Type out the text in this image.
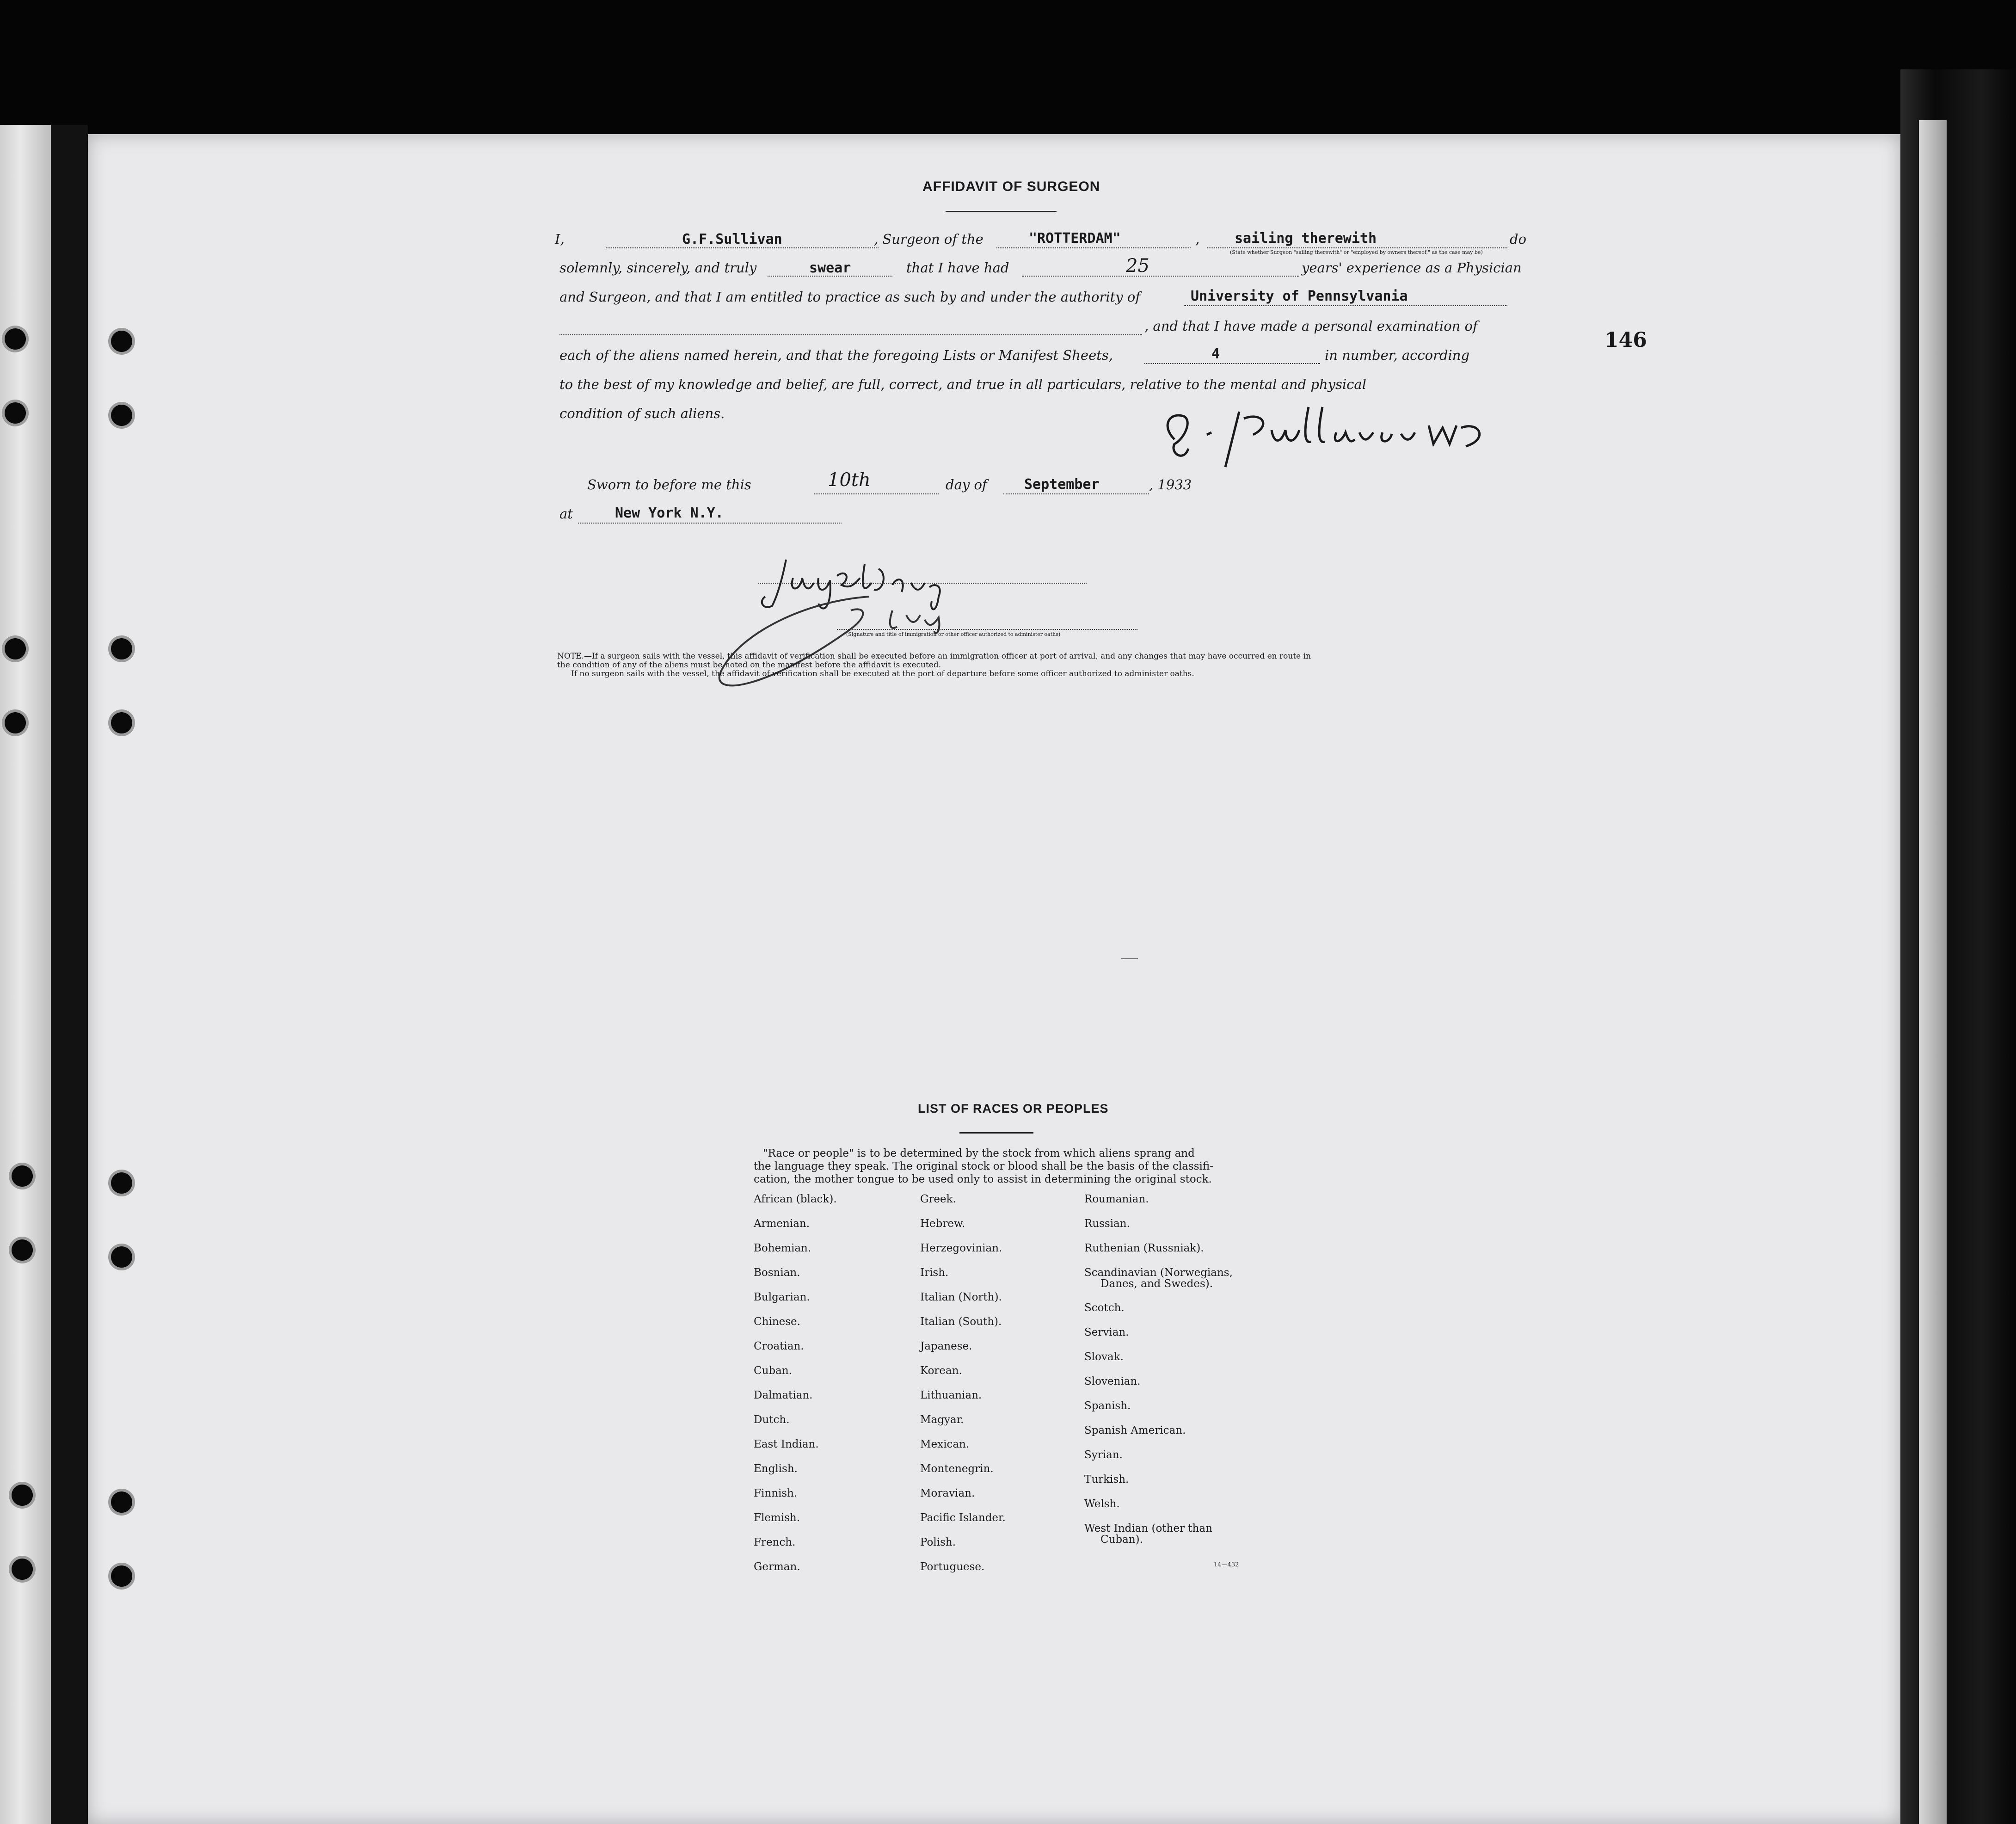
146
AFFIDAVIT OF SURGEON
I,	G.F.Sullivan	, Surgeon of the	"ROTTERDAM"	,	sailing therewith	do
(State whether Surgeon "sailing therewith" or "employed by owners thereof," as the case may be)
solemnly, sincerely, and truly	swear	that I have had	25	years' experience as a Physician
and Surgeon, and that I am entitled to practice as such by and under the authority of	University of Pennsylvania
, and that I have made a personal examination of
each of the aliens named herein, and that the foregoing Lists or Manifest Sheets,	4	in number, according
to the best of my knowledge and belief, are full, correct, and true in all particulars, relative to the mental and physical
condition of such aliens.
Sworn to before me this	10th	day of	September	, 1933
at	New York N.Y.
(Signature and title of immigration or other officer authorized to administer oaths)
NOTE.—If a surgeon sails with the vessel, this affidavit of verification shall be executed before an immigration officer at port of arrival, and any changes that may have occurred en route in
the condition of any of the aliens must be noted on the manifest before the affidavit is executed.
If no surgeon sails with the vessel, the affidavit of verification shall be executed at the port of departure before some officer authorized to administer oaths.
LIST OF RACES OR PEOPLES
"Race or people" is to be determined by the stock from which aliens sprang and
the language they speak. The original stock or blood shall be the basis of the classifi-
cation, the mother tongue to be used only to assist in determining the original stock.
African (black).
Armenian.
Bohemian.
Bosnian.
Bulgarian.
Chinese.
Croatian.
Cuban.
Dalmatian.
Dutch.
East Indian.
English.
Finnish.
Flemish.
French.
German.
Greek.
Hebrew.
Herzegovinian.
Irish.
Italian (North).
Italian (South).
Japanese.
Korean.
Lithuanian.
Magyar.
Mexican.
Montenegrin.
Moravian.
Pacific Islander.
Polish.
Portuguese.
Roumanian.
Russian.
Ruthenian (Russniak).
Scandinavian (Norwegians,
Danes, and Swedes).
Scotch.
Servian.
Slovak.
Slovenian.
Spanish.
Spanish American.
Syrian.
Turkish.
Welsh.
West Indian (other than
Cuban).
14—432
